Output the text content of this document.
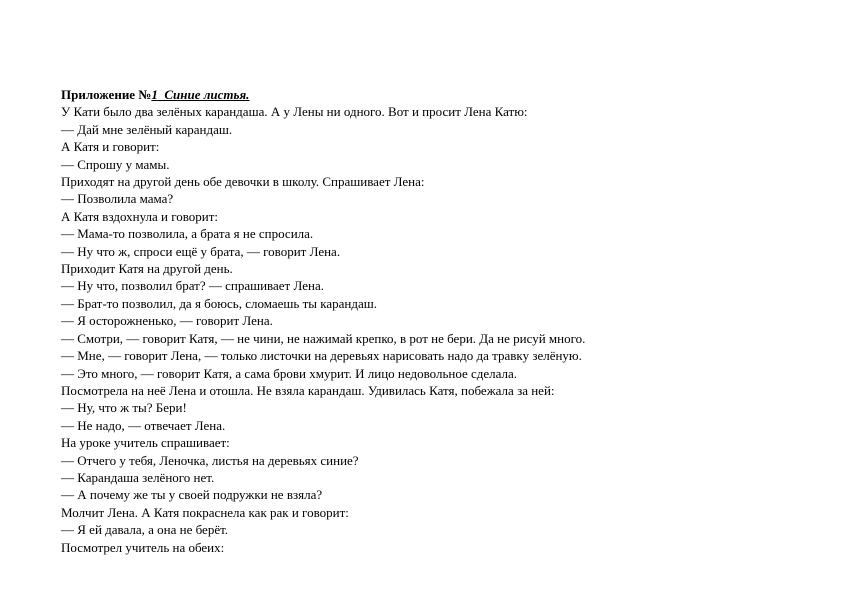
Приложение №1  Синие листья.
У Кати было два зелёных карандаша. А у Лены ни одного. Вот и просит Лена Катю:
— Дай мне зелёный карандаш.
А Катя и говорит:
— Спрошу у мамы.
Приходят на другой день обе девочки в школу. Спрашивает Лена:
— Позволила мама?
А Катя вздохнула и говорит:
— Мама-то позволила, а брата я не спросила.
— Ну что ж, спроси ещё у брата, — говорит Лена.
Приходит Катя на другой день.
— Ну что, позволил брат? — спрашивает Лена.
— Брат-то позволил, да я боюсь, сломаешь ты карандаш.
— Я осторожненько, — говорит Лена.
— Смотри, — говорит Катя, — не чини, не нажимай крепко, в рот не бери. Да не рисуй много.
— Мне, — говорит Лена, — только листочки на деревьях нарисовать надо да травку зелёную.
— Это много, — говорит Катя, а сама брови хмурит. И лицо недовольное сделала.
Посмотрела на неё Лена и отошла. Не взяла карандаш. Удивилась Катя, побежала за ней:
— Ну, что ж ты? Бери!
— Не надо, — отвечает Лена.
На уроке учитель спрашивает:
— Отчего у тебя, Леночка, листья на деревьях синие?
— Карандаша зелёного нет.
— А почему же ты у своей подружки не взяла?
Молчит Лена. А Катя покраснела как рак и говорит:
— Я ей давала, а она не берёт.
Посмотрел учитель на обеих:
